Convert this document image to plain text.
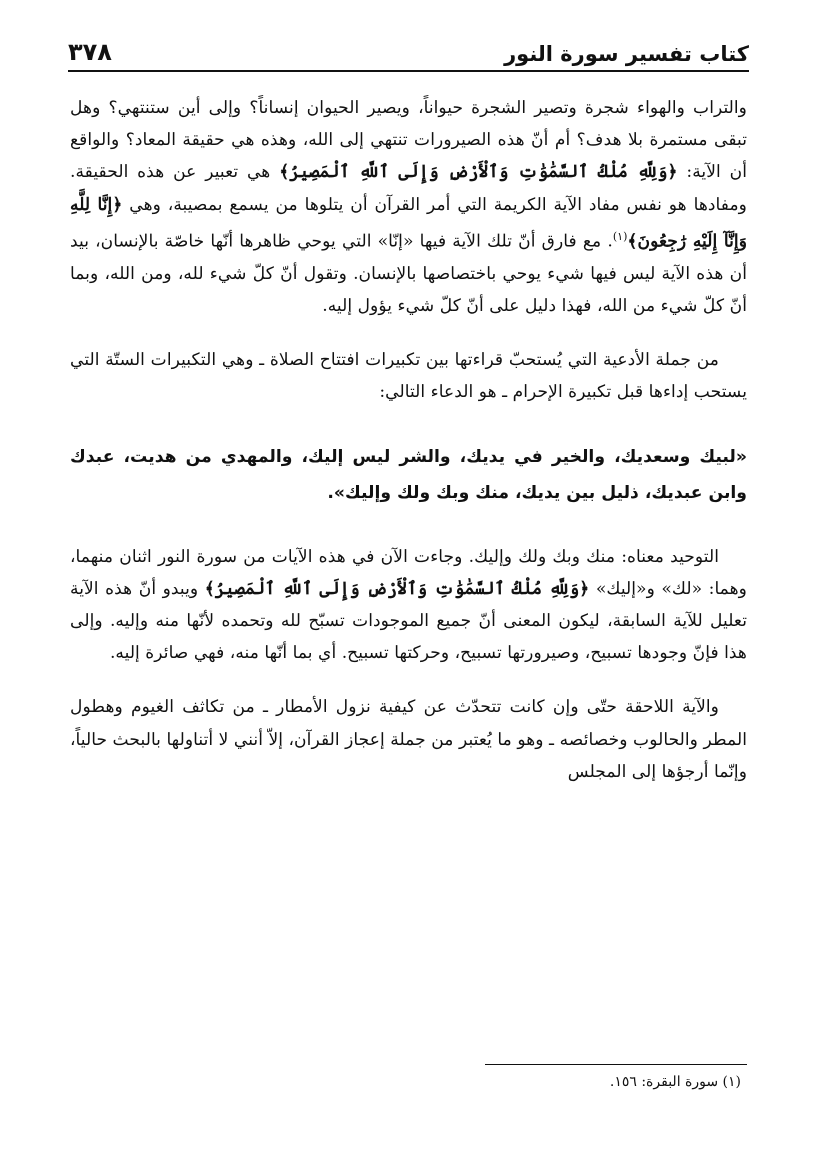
كتاب تفسير سورة النور
٣٧٨

والتراب والهواء شجرة وتصير الشجرة حيواناً، ويصير الحيوان إنساناً؟ وإلى أين ستنتهي؟ وهل تبقى مستمرة بلا هدف؟ أم أنّ هذه الصيرورات تنتهي إلى الله، وهذه هي حقيقة المعاد؟ والواقع أن الآية: ﴿وَلِلَّهِ مُلْكُ ٱلسَّمَٰوَٰتِ وَٱلْأَرْضِ وَإِلَى ٱللَّهِ ٱلْمَصِيرُ﴾ هي تعبير عن هذه الحقيقة. ومفادها هو نفس مفاد الآية الكريمة التي أمر القرآن أن يتلوها من يسمع بمصيبة، وهي ﴿إِنَّا لِلَّهِ وَإِنَّآ إِلَيْهِ رَٰجِعُونَ﴾$^{(١)}$. مع فارق أنّ تلك الآية فيها «إنّا» التي يوحي ظاهرها أنّها خاصّة بالإنسان، بيد أن هذه الآية ليس فيها شيء يوحي باختصاصها بالإنسان. وتقول أنّ كلّ شيء لله، ومن الله، وبما أنّ كلّ شيء من الله، فهذا دليل على أنّ كلّ شيء يؤول إليه.

من جملة الأدعية التي يُستحبّ قراءتها بين تكبيرات افتتاح الصلاة ـ وهي التكبيرات الستّة التي يستحب إداءها قبل تكبيرة الإحرام ـ هو الدعاء التالي:

«لبيك وسعديك، والخير في يديك، والشر ليس إليك، والمهدي من هديت، عبدك وابن عبديك، ذليل بين يديك، منك وبك ولك وإليك».

التوحيد معناه: منك وبك ولك وإليك. وجاءت الآن في هذه الآيات من سورة النور اثنان منهما، وهما: «لك» و«إليك» ﴿وَلِلَّهِ مُلْكُ ٱلسَّمَٰوَٰتِ وَٱلْأَرْضِ وَإِلَى ٱللَّهِ ٱلْمَصِيرُ﴾ ويبدو أنّ هذه الآية تعليل للآية السابقة، ليكون المعنى أنّ جميع الموجودات تسبّح لله وتحمده لأنّها منه وإليه. وإلى هذا فإنّ وجودها تسبيح، وصيرورتها تسبيح، وحركتها تسبيح. أي بما أنّها منه، فهي صائرة إليه.

والآية اللاحقة حتّى وإن كانت تتحدّث عن كيفية نزول الأمطار ـ من تكاثف الغيوم وهطول المطر والحالوب وخصائصه ـ وهو ما يُعتبر من جملة إعجاز القرآن، إلاّ أنني لا أتناولها بالبحث حالياً، وإنّما أرجؤها إلى المجلس

(١) سورة البقرة: ١٥٦.
